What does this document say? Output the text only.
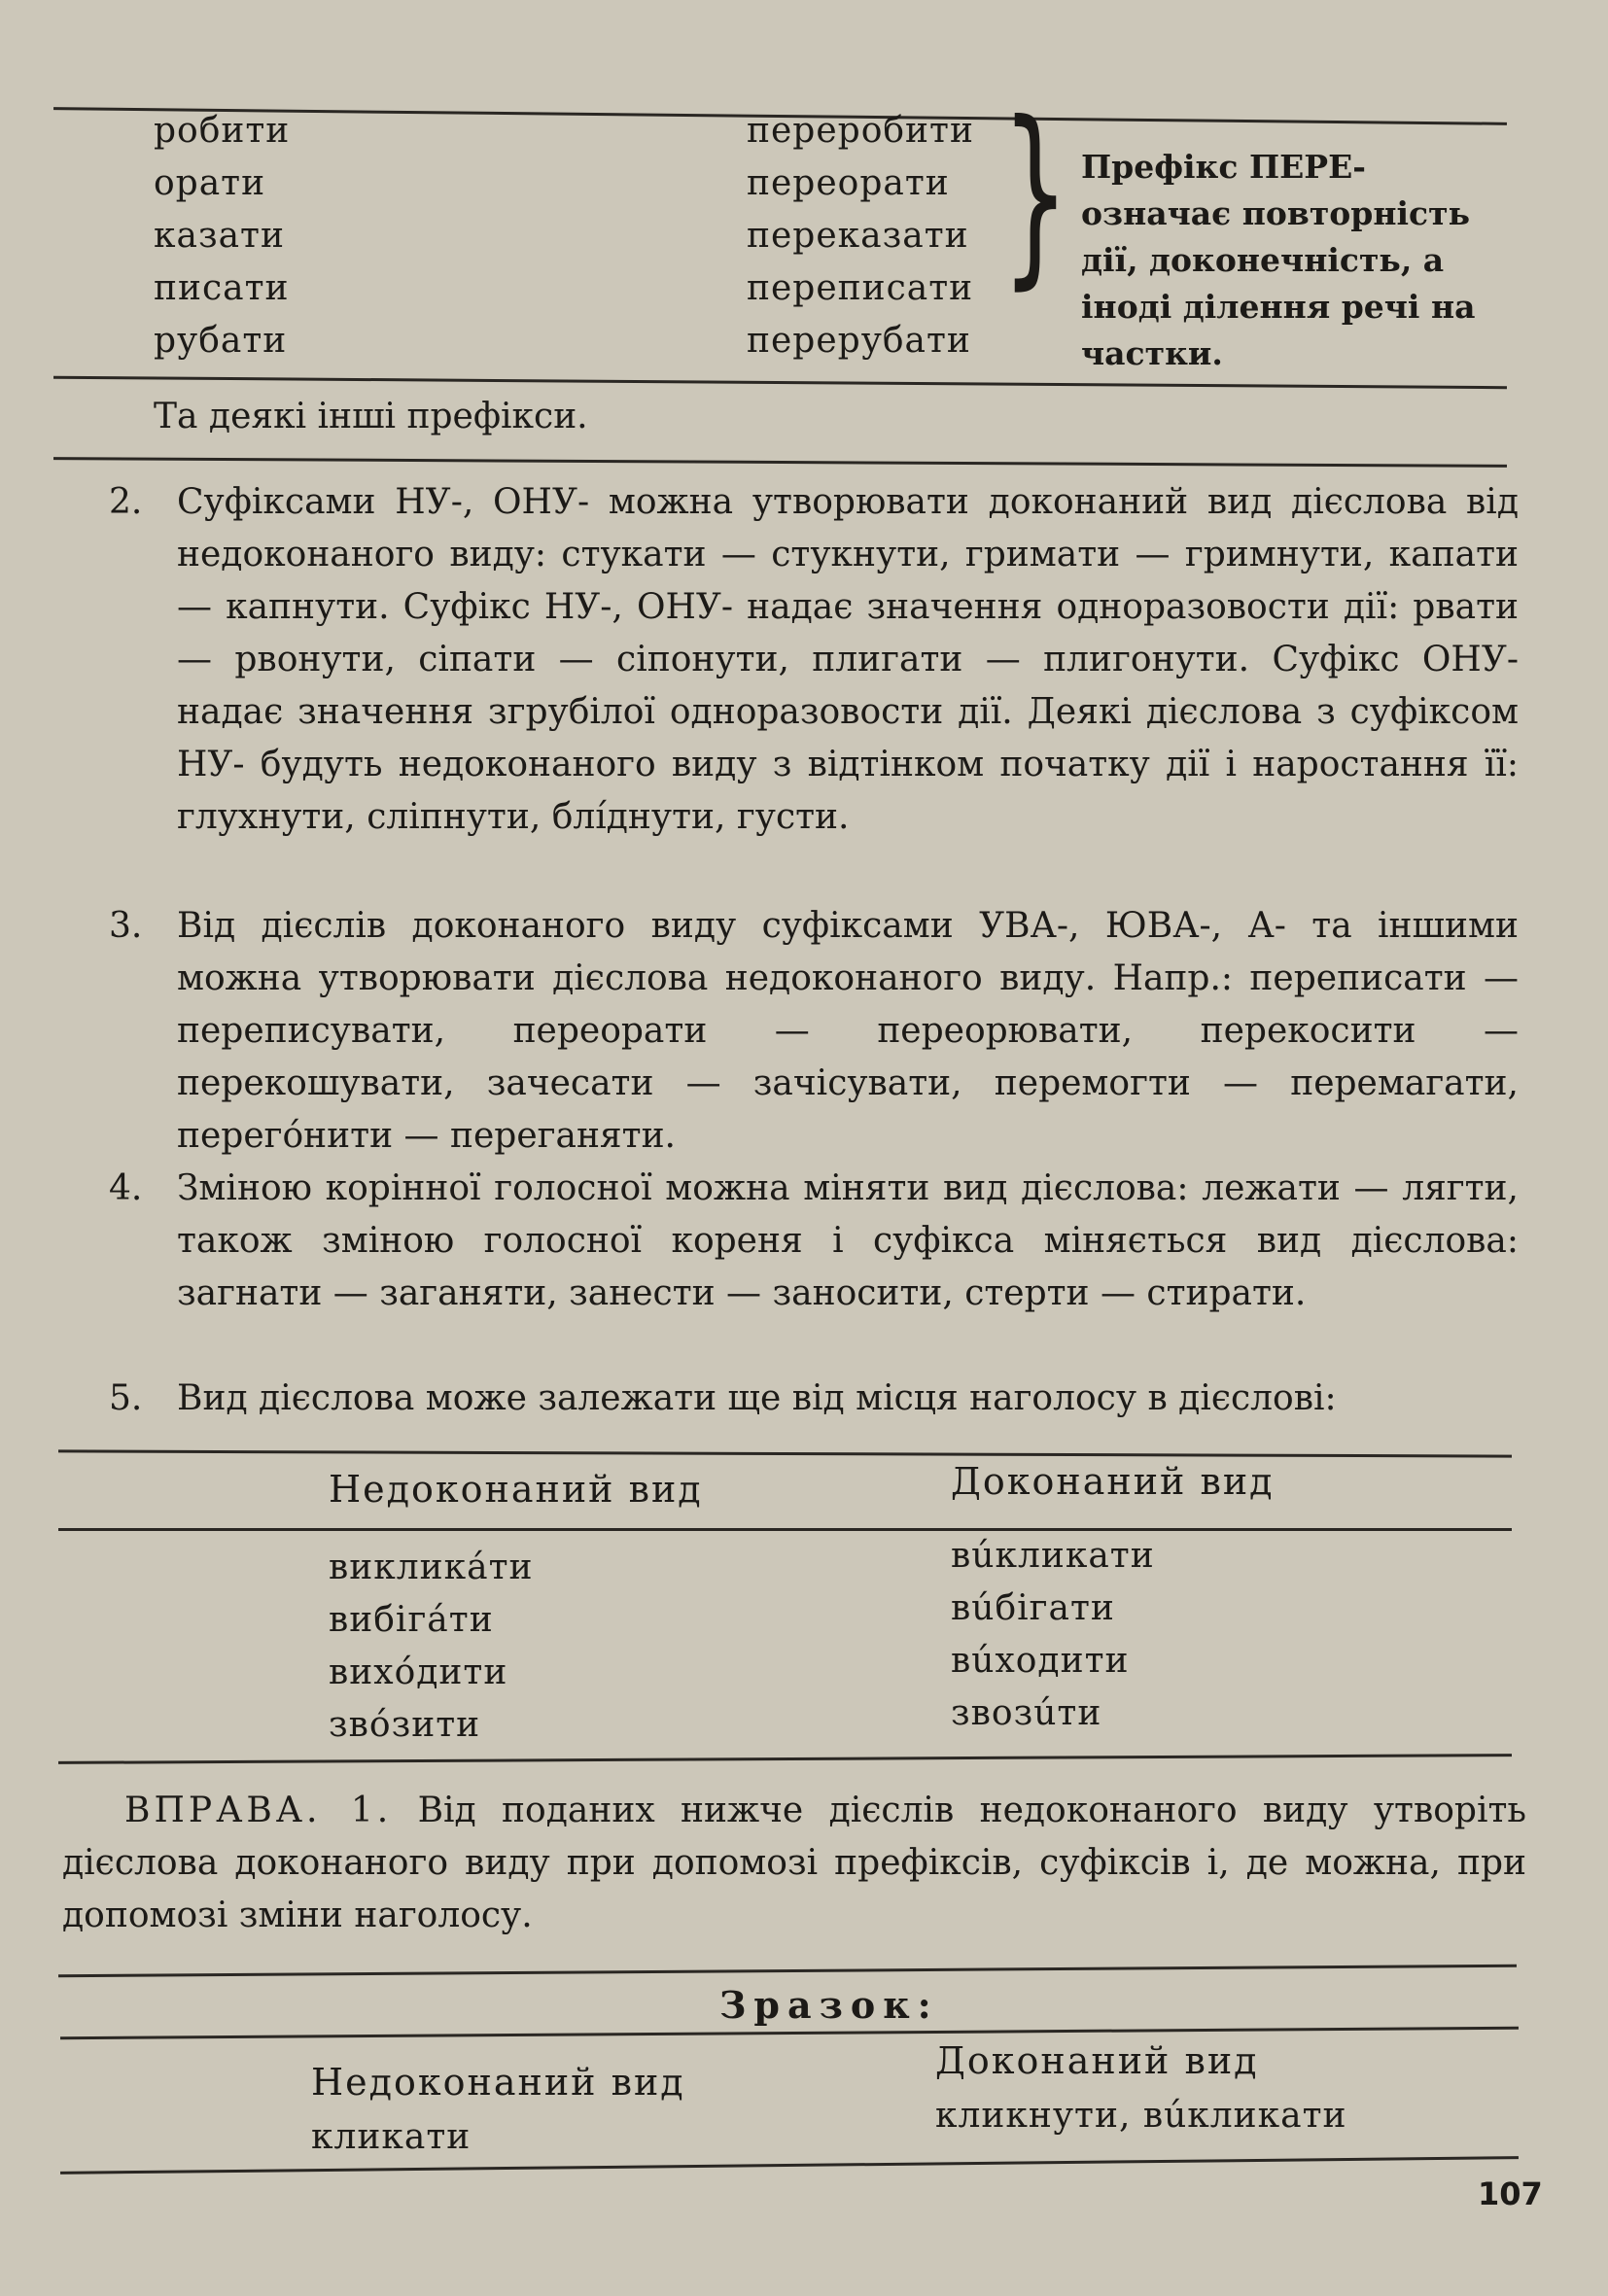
робити
орати
казати
писати
рубати
переробити
переорати
переказати
переписати
перерубати
} Префікс ПЕРЕ- означає повторність дії, доконечність, а іноді ділення речі на частки.
Та деякі інші префікси.
2. Суфіксами НУ-, ОНУ- можна утворювати доконаний вид дієслова від недоконаного виду: стукати — стукнути, гримати — гримнути, капати — капнути. Суфікс НУ-, ОНУ- надає значення одноразовости дії: рвати — рвонути, сіпати — сіпонути, плигати — плигонути. Суфікс ОНУ- надає значення згрубілої одноразовости дії. Деякі дієслова з суфіксом НУ- будуть недоконаного виду з відтінком початку дії і наростання її: глухнути, сліпнути, блíднути, густи.
3. Від дієслів доконаного виду суфіксами УВА-, ЮВА-, А- та іншими можна утворювати дієслова недоконаного виду. Напр.: переписати — переписувати, переорати — переорювати, перекосити — перекошувати, зачесати — зачісувати, перемогти — перемагати, перегóнити — переганяти.
4. Зміною корінної голосної можна міняти вид дієслова: лежати — лягти, також зміною голосної кореня і суфікса міняється вид дієслова: загнати — заганяти, занести — заносити, стерти — стирати.
5. Вид дієслова може залежати ще від місця наголосу в дієслові:
Недоконаний вид	Доконаний вид
викликáти
вибігáти
вихóдити
звóзити
вúкликати
вúбігати
вúходити
звозúти
ВПРАВА. 1. Від поданих нижче дієслів недоконаного виду утворіть дієслова доконаного виду при допомозі префіксів, суфіксів і, де можна, при допомозі зміни наголосу.
Зразок:
Недоконаний вид	Доконаний вид
кликати
кликнути, вúкликати
107
